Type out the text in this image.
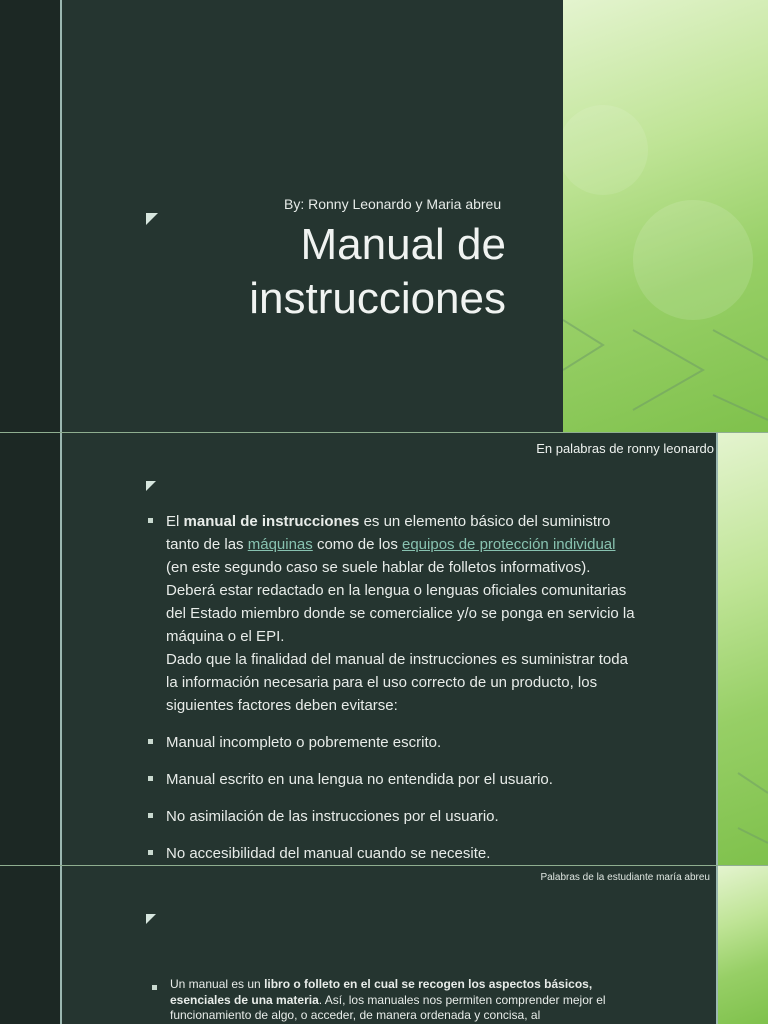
By: Ronny Leonardo y Maria abreu

Manual de
instrucciones

En palabras de ronny leonardo

El manual de instrucciones es un elemento básico del suministro tanto de las máquinas como de los equipos de protección individual (en este segundo caso se suele hablar de folletos informativos). Deberá estar redactado en la lengua o lenguas oficiales comunitarias del Estado miembro donde se comercialice y/o se ponga en servicio la máquina o el EPI.
Dado que la finalidad del manual de instrucciones es suministrar toda la información necesaria para el uso correcto de un producto, los siguientes factores deben evitarse:
Manual incompleto o pobremente escrito.
Manual escrito en una lengua no entendida por el usuario.
No asimilación de las instrucciones por el usuario.
No accesibilidad del manual cuando se necesite.

Palabras de la estudiante maría abreu

Un manual es un libro o folleto en el cual se recogen los aspectos básicos, esenciales de una materia. Así, los manuales nos permiten comprender mejor el funcionamiento de algo, o acceder, de manera ordenada y concisa, al
